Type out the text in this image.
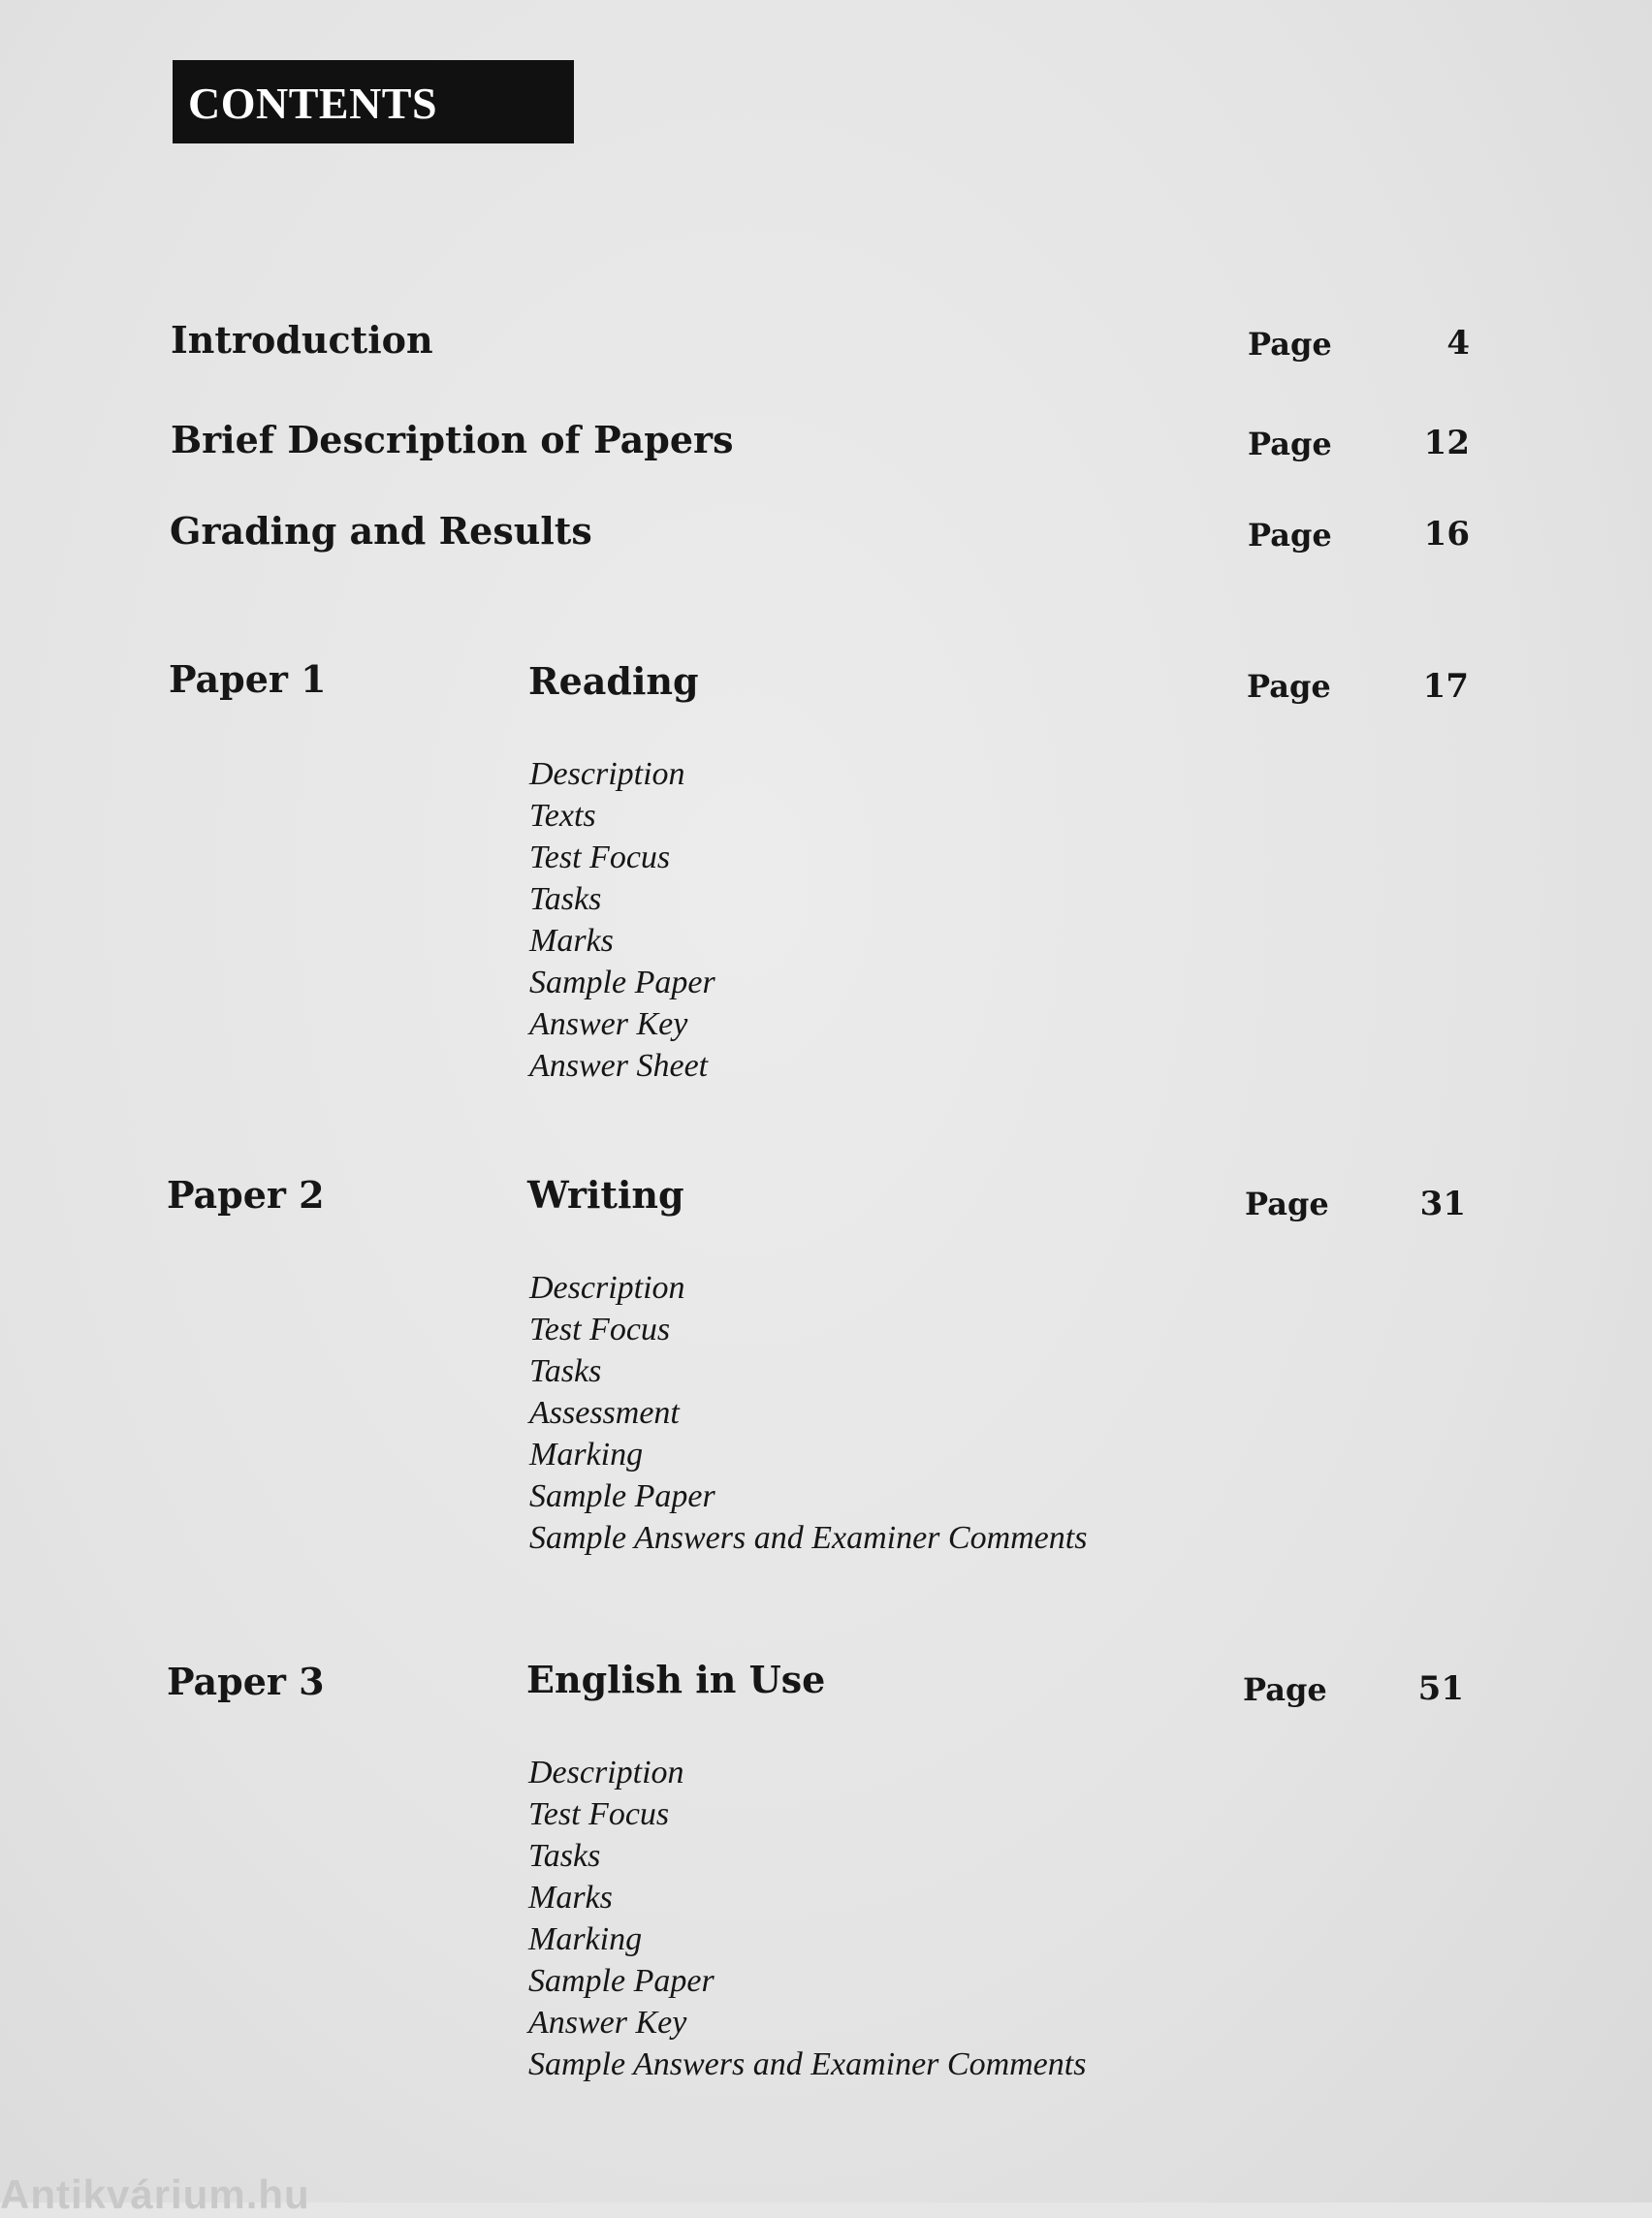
CONTENTS
Introduction	Page	4
Brief Description of Papers	Page	12
Grading and Results	Page	16
Paper 1	Reading	Page	17
Description
Texts
Test Focus
Tasks
Marks
Sample Paper
Answer Key
Answer Sheet
Paper 2	Writing	Page	31
Description
Test Focus
Tasks
Assessment
Marking
Sample Paper
Sample Answers and Examiner Comments
Paper 3	English in Use	Page	51
Description
Test Focus
Tasks
Marks
Marking
Sample Paper
Answer Key
Sample Answers and Examiner Comments
Antikvárium.hu
